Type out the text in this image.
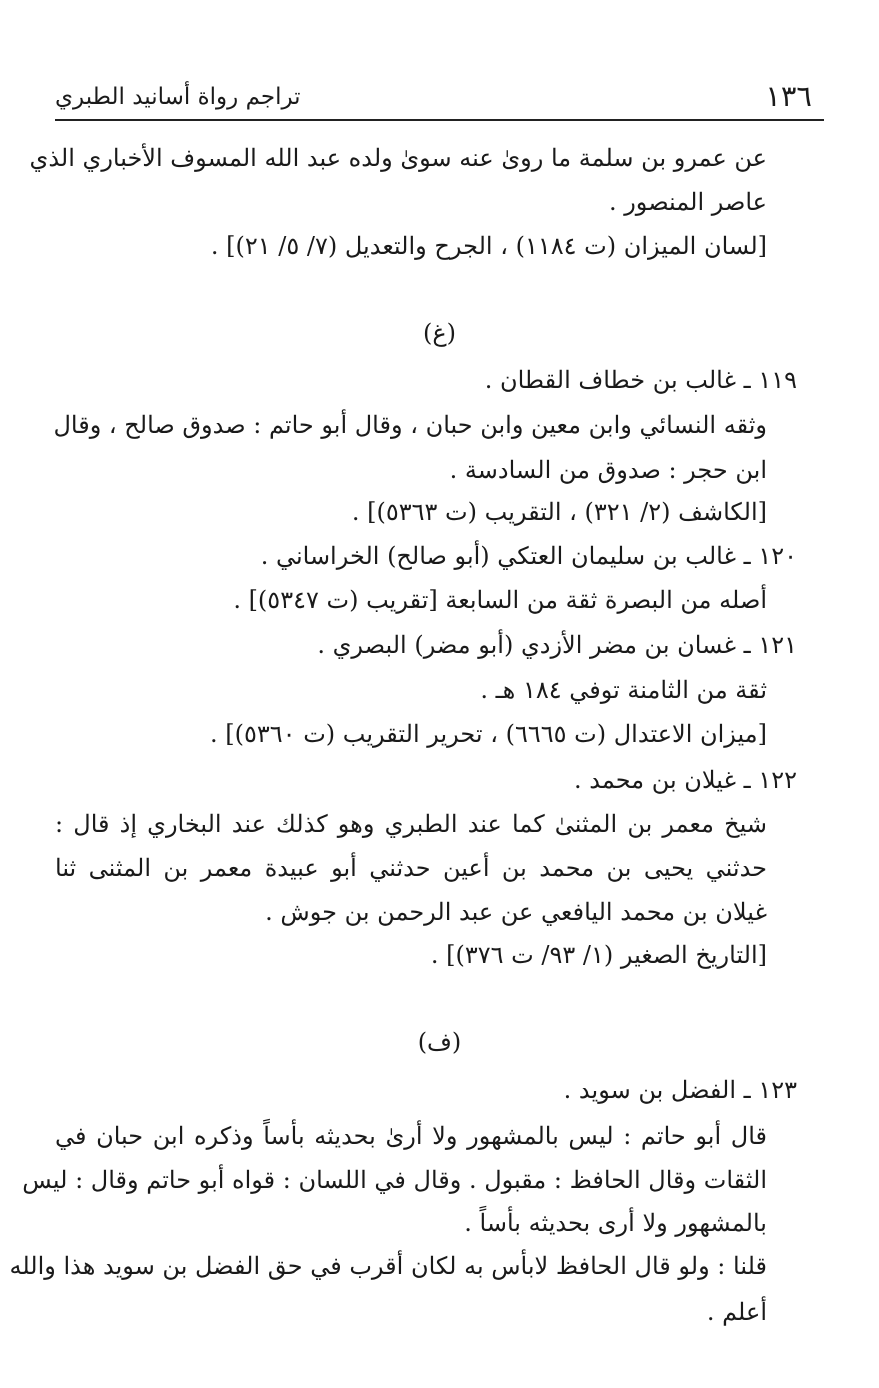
١٣٦
تراجم رواة أسانيد الطبري
عن عمرو بن سلمة ما روىٰ عنه سوىٰ ولده عبد الله المسوف الأخباري الذي
عاصر المنصور .
[لسان الميزان (ت ١١٨٤) ، الجرح والتعديل (٧/ ٥/ ٢١)] .
(غ)
١١٩ ـ غالب بن خطاف القطان .
وثقه النسائي وابن معين وابن حبان ، وقال أبو حاتم : صدوق صالح ، وقال
ابن حجر : صدوق من السادسة .
[الكاشف (٢/ ٣٢١) ، التقريب (ت ٥٣٦٣)] .
١٢٠ ـ غالب بن سليمان العتكي (أبو صالح) الخراساني .
أصله من البصرة ثقة من السابعة [تقريب (ت ٥٣٤٧)] .
١٢١ ـ غسان بن مضر الأزدي (أبو مضر) البصري .
ثقة من الثامنة توفي ١٨٤ هـ .
[ميزان الاعتدال (ت ٦٦٦٥) ، تحرير التقريب (ت ٥٣٦٠)] .
١٢٢ ـ غيلان بن محمد .
شيخ معمر بن المثنىٰ كما عند الطبري وهو كذلك عند البخاري إذ قال :
حدثني يحيى بن محمد بن أعين حدثني أبو عبيدة معمر بن المثنى ثنا
غيلان بن محمد اليافعي عن عبد الرحمن بن جوش .
[التاريخ الصغير (١/ ٩٣/ ت ٣٧٦)] .
(ف)
١٢٣ ـ الفضل بن سويد .
قال أبو حاتم : ليس بالمشهور ولا أرىٰ بحديثه بأساً وذكره ابن حبان في
الثقات وقال الحافظ : مقبول . وقال في اللسان : قواه أبو حاتم وقال : ليس
بالمشهور ولا أرى بحديثه بأساً .
قلنا : ولو قال الحافظ لابأس به لكان أقرب في حق الفضل بن سويد هذا والله
أعلم .
